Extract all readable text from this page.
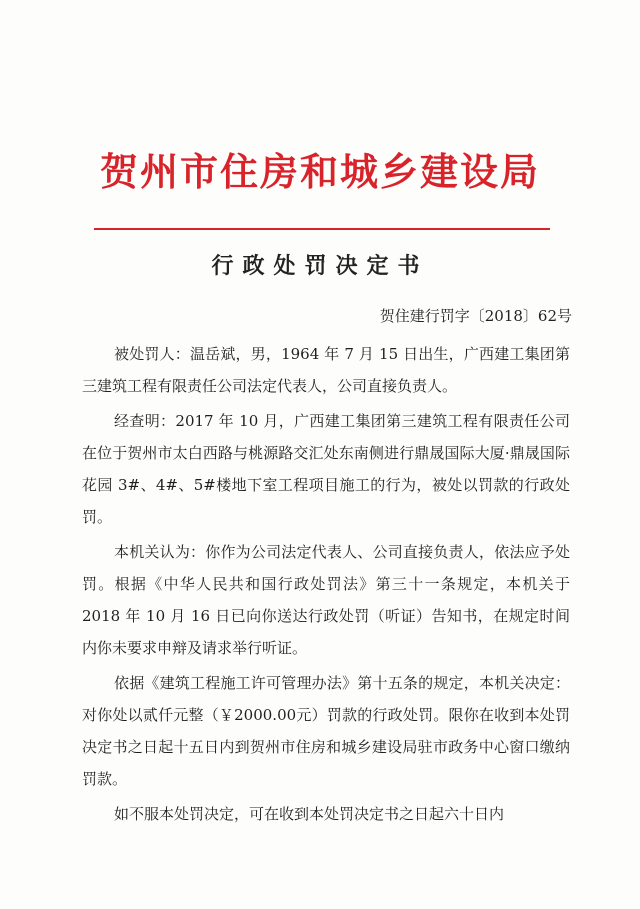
贺州市住房和城乡建设局
行政处罚决定书
贺住建行罚字〔2018〕62号

被处罚人：温岳斌，男，1964 年 7 月 15 日出生，广西建工集团第三建筑工程有限责任公司法定代表人，公司直接负责人。

经查明：2017 年 10 月，广西建工集团第三建筑工程有限责任公司在位于贺州市太白西路与桃源路交汇处东南侧进行鼎晟国际大厦·鼎晟国际花园 3#、4#、5#楼地下室工程项目施工的行为，被处以罚款的行政处罚。

本机关认为：你作为公司法定代表人、公司直接负责人，依法应予处罚。根据《中华人民共和国行政处罚法》第三十一条规定，本机关于 2018 年 10 月 16 日已向你送达行政处罚（听证）告知书，在规定时间内你未要求申辩及请求举行听证。

依据《建筑工程施工许可管理办法》第十五条的规定，本机关决定：对你处以贰仟元整（￥2000.00元）罚款的行政处罚。限你在收到本处罚决定书之日起十五日内到贺州市住房和城乡建设局驻市政务中心窗口缴纳罚款。

如不服本处罚决定，可在收到本处罚决定书之日起六十日内
